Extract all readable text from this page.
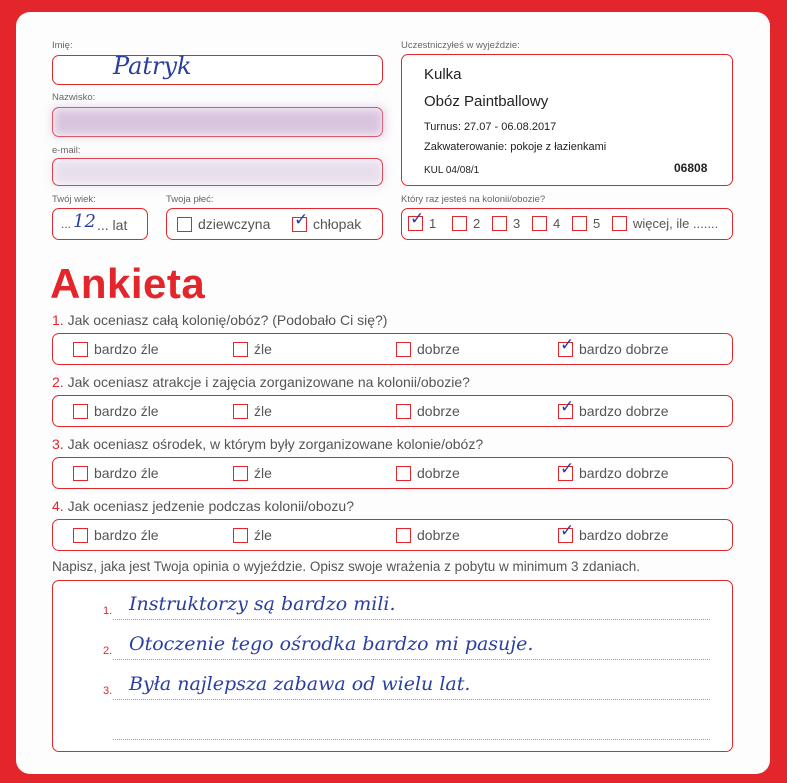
Imię:
Patryk
Nazwisko:
e-mail:
Uczestniczyłeś w wyjeździe:
Kulka
Obóz Paintballowy
Turnus: 27.07 - 06.08.2017
Zakwaterowanie: pokoje z łazienkami
KUL 04/08/1	06808
Twój wiek:
... 12 ... lat
Twoja płeć:
dziewczyna ✓ chłopak
Który raz jesteś na kolonii/obozie?
✓ 1	2	3	4	5	więcej, ile .......
Ankieta
1. Jak oceniasz całą kolonię/obóz? (Podobało Ci się?)
bardzo źle	źle	dobrze	✓ bardzo dobrze
2. Jak oceniasz atrakcje i zajęcia zorganizowane na kolonii/obozie?
bardzo źle	źle	dobrze	✓ bardzo dobrze
3. Jak oceniasz ośrodek, w którym były zorganizowane kolonie/obóz?
bardzo źle	źle	dobrze	✓ bardzo dobrze
4. Jak oceniasz jedzenie podczas kolonii/obozu?
bardzo źle	źle	dobrze	✓ bardzo dobrze
Napisz, jaka jest Twoja opinia o wyjeździe. Opisz swoje wrażenia z pobytu w minimum 3 zdaniach.
1. Instruktorzy są bardzo mili.
2. Otoczenie tego ośrodka bardzo mi pasuje.
3. Była najlepsza zabawa od wielu lat.
